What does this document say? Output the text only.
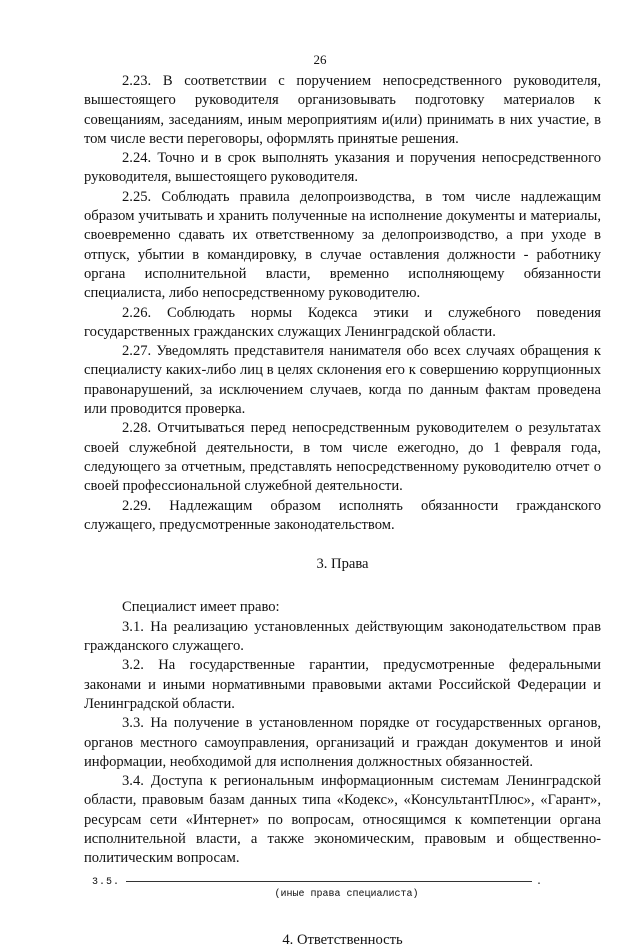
26

2.23. В соответствии с поручением непосредственного руководителя, вышестоящего руководителя организовывать подготовку материалов к совещаниям, заседаниям, иным мероприятиям и(или) принимать в них участие, в том числе вести переговоры, оформлять принятые решения.

2.24. Точно и в срок выполнять указания и поручения непосредственного руководителя, вышестоящего руководителя.

2.25. Соблюдать правила делопроизводства, в том числе надлежащим образом учитывать и хранить полученные на исполнение документы и материалы, своевременно сдавать их ответственному за делопроизводство, а при уходе в отпуск, убытии в командировку, в случае оставления должности - работнику органа исполнительной власти, временно исполняющему обязанности специалиста, либо непосредственному руководителю.

2.26. Соблюдать нормы Кодекса этики и служебного поведения государственных гражданских служащих Ленинградской области.

2.27. Уведомлять представителя нанимателя обо всех случаях обращения к специалисту каких-либо лиц в целях склонения его к совершению коррупционных правонарушений, за исключением случаев, когда по данным фактам проведена или проводится проверка.

2.28. Отчитываться перед непосредственным руководителем о результатах своей служебной деятельности, в том числе ежегодно, до 1 февраля года, следующего за отчетным, представлять непосредственному руководителю отчет о своей профессиональной служебной деятельности.

2.29. Надлежащим образом исполнять обязанности гражданского служащего, предусмотренные законодательством.

3. Права

Специалист имеет право:

3.1. На реализацию установленных действующим законодательством прав гражданского служащего.

3.2. На государственные гарантии, предусмотренные федеральными законами и иными нормативными правовыми актами Российской Федерации и Ленинградской области.

3.3. На получение в установленном порядке от государственных органов, органов местного самоуправления, организаций и граждан документов и иной информации, необходимой для исполнения должностных обязанностей.

3.4. Доступа к региональным информационным системам Ленинградской области, правовым базам данных типа «Кодекс», «КонсультантПлюс», «Гарант», ресурсам сети «Интернет» по вопросам, относящимся к компетенции органа исполнительной власти, а также экономическим, правовым и общественно-политическим вопросам.

3.5.	.
(иные права специалиста)

4. Ответственность
